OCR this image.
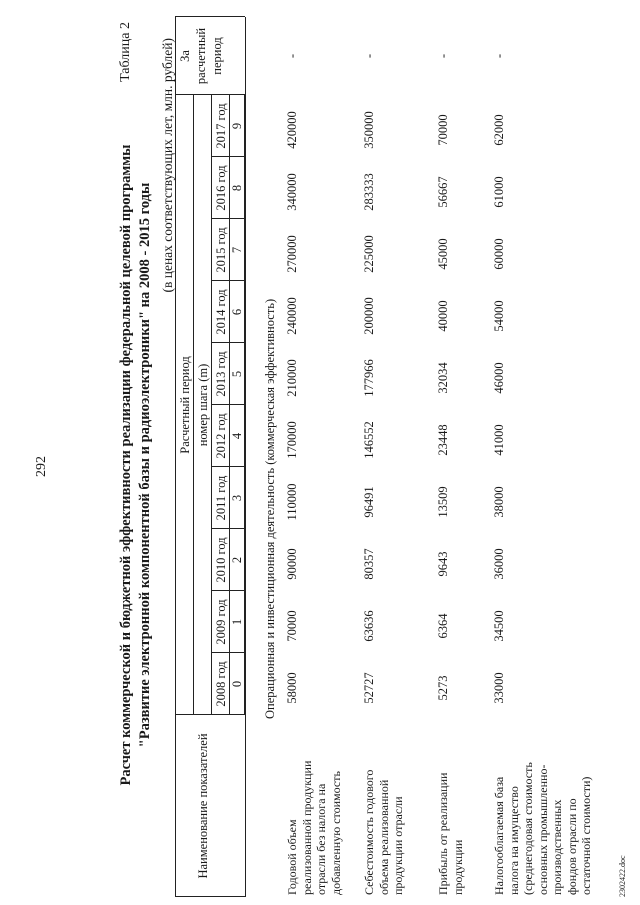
292
Таблица 2
Расчет коммерческой и бюджетной эффективности реализации федеральной целевой программы "Развитие электронной компонентной базы и радиоэлектроники" на 2008 - 2015 годы
(в ценах соответствующих лет, млн. рублей)
Наименование показателей
Расчетный период номер шага (m)
За расчетный период
2008 год
2009 год
2010 год
2011 год
2012 год
2013 год
2014 год
2015 год
2016 год
2017 год
0
1
2
3
4
5
6
7
8
9
Операционная и инвестиционная деятельность (коммерческая эффективность)
Годовой объем реализованной продукции отрасли без налога на добавленную стоимость
58000
70000
90000
110000
170000
210000
240000
270000
340000
420000
-
Себестоимость годового объема реализованной продукции отрасли
52727
63636
80357
96491
146552
177966
200000
225000
283333
350000
-
Прибыль от реализации продукции
5273
6364
9643
13509
23448
32034
40000
45000
56667
70000
-
Налогооблагаемая база налога на имущество (среднегодовая стоимость основных промышленно- производственных фондов отрасли по остаточной стоимости)
33000
34500
36000
38000
41000
46000
54000
60000
61000
62000
-
2302422.doc
